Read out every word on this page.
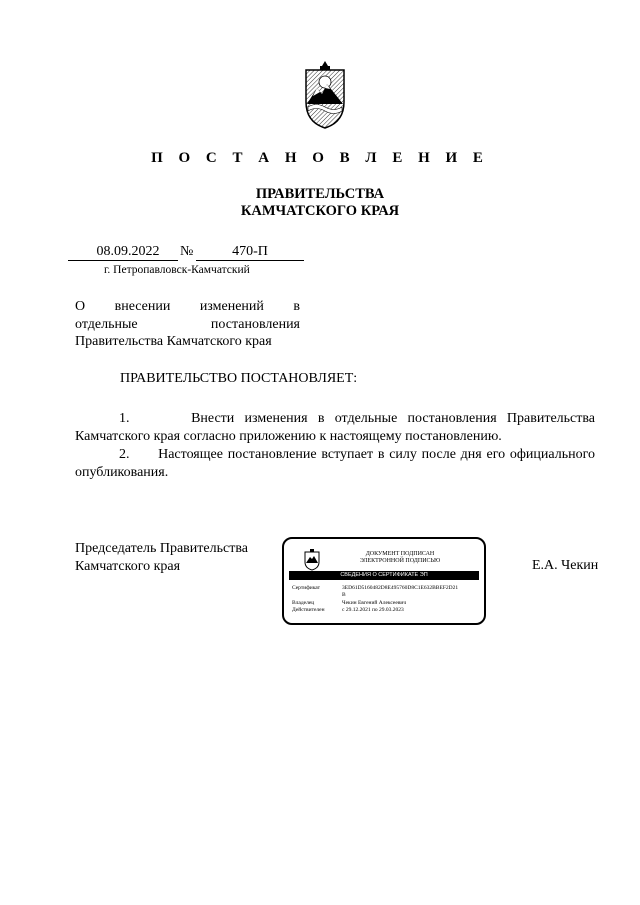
П О С Т А Н О В Л Е Н И Е
ПРАВИТЕЛЬСТВА
КАМЧАТСКОГО КРАЯ
08.09.2022	№	470-П
г. Петропавловск-Камчатский
О внесении изменений в
отдельные постановления
Правительства Камчатского края
ПРАВИТЕЛЬСТВО ПОСТАНОВЛЯЕТ:
1.	Внести изменения в отдельные постановления Правительства Камчатского края согласно приложению к настоящему постановлению.
2. Настоящее постановление вступает в силу после дня его официального опубликования.
Председатель Правительства
Камчатского края	Е.А. Чекин
ДОКУМЕНТ ПОДПИСАН
ЭЛЕКТРОННОЙ ПОДПИСЬЮ
СВЕДЕНИЯ О СЕРТИФИКАТЕ ЭП
Сертификат	3ED61D5160482D8E495760D8C1E632BBEF2D21
B
Владелец	Чекин Евгений Алексеевич
Действителен	с 29.12.2021 по 29.03.2023
